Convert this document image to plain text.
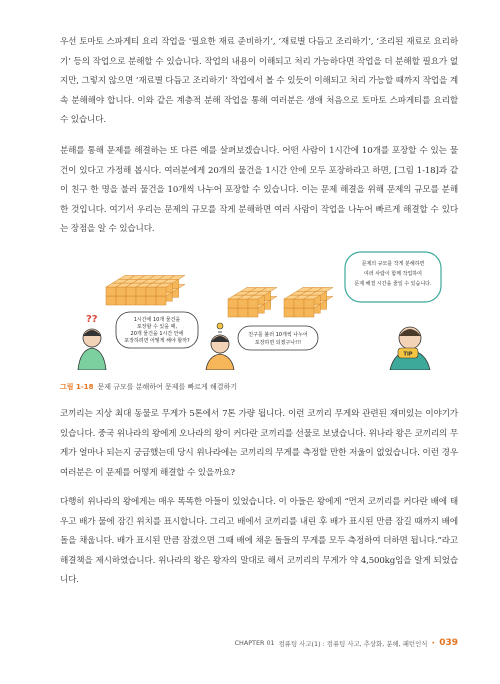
우선 토마토 스파게티 요리 작업을 ‘필요한 재료 준비하기’, ‘재료별 다듬고 조리하기’, ‘조리된 재료로 요리하기’ 등의 작업으로 분해할 수 있습니다. 작업의 내용이 이해되고 처리 가능하다면 작업을 더 분해할 필요가 없지만, 그렇지 않으면 ‘재료별 다듬고 조리하기’ 작업에서 볼 수 있듯이 이해되고 처리 가능할 때까지 작업을 계속 분해해야 합니다. 이와 같은 계층적 분해 작업을 통해 여러분은 생애 처음으로 토마토 스파게티를 요리할 수 있습니다.

분해를 통해 문제를 해결하는 또 다른 예를 살펴보겠습니다. 어떤 사람이 1시간에 10개를 포장할 수 있는 물건이 있다고 가정해 봅시다. 여러분에게 20개의 물건을 1시간 안에 모두 포장하라고 하면, [그림 1-18]과 같이 친구 한 명을 불러 물건을 10개씩 나누어 포장할 수 있습니다. 이는 문제 해결을 위해 문제의 규모를 분해한 것입니다. 여기서 우리는 문제의 규모를 작게 분해하면 여러 사람이 작업을 나누어 빠르게 해결할 수 있다는 장점을 알 수 있습니다.

??	1시간에 10개 물건을
포장할 수 있을 때,
20개 물건을 1시간 안에
포장하려면 어떻게 해야 할까?
친구를 불러 10개씩 나누어
포장하면 되겠구나!!!
문제의 규모를 작게 분해하면
여러 사람이 함께 작업하여
문제 해결 시간을 줄일 수 있습니다.
TIP
그림 1-18 문제 규모를 분해하여 문제를 빠르게 해결하기

코끼리는 지상 최대 동물로 무게가 5톤에서 7톤 가량 됩니다. 이런 코끼리 무게와 관련된 재미있는 이야기가 있습니다. 중국 위나라의 왕에게 오나라의 왕이 커다란 코끼리를 선물로 보냈습니다. 위나라 왕은 코끼리의 무게가 얼마나 되는지 궁금했는데 당시 위나라에는 코끼리의 무게를 측정할 만한 저울이 없었습니다. 이런 경우 여러분은 이 문제를 어떻게 해결할 수 있을까요?

다행히 위나라의 왕에게는 매우 똑똑한 아들이 있었습니다. 이 아들은 왕에게 “먼저 코끼리를 커다란 배에 태우고 배가 물에 잠긴 위치를 표시합니다. 그리고 배에서 코끼리를 내린 후 배가 표시된 만큼 잠길 때까지 배에 돌을 채웁니다. 배가 표시된 만큼 잠겼으면 그때 배에 채운 돌들의 무게를 모두 측정하여 더하면 됩니다.”라고 해결책을 제시하였습니다. 위나라의 왕은 왕자의 말대로 해서 코끼리의 무게가 약 4,500kg임을 알게 되었습니다.

CHAPTER 01 컴퓨팅 사고(1) : 컴퓨팅 사고, 추상화, 분해, 패턴인식 • 039
